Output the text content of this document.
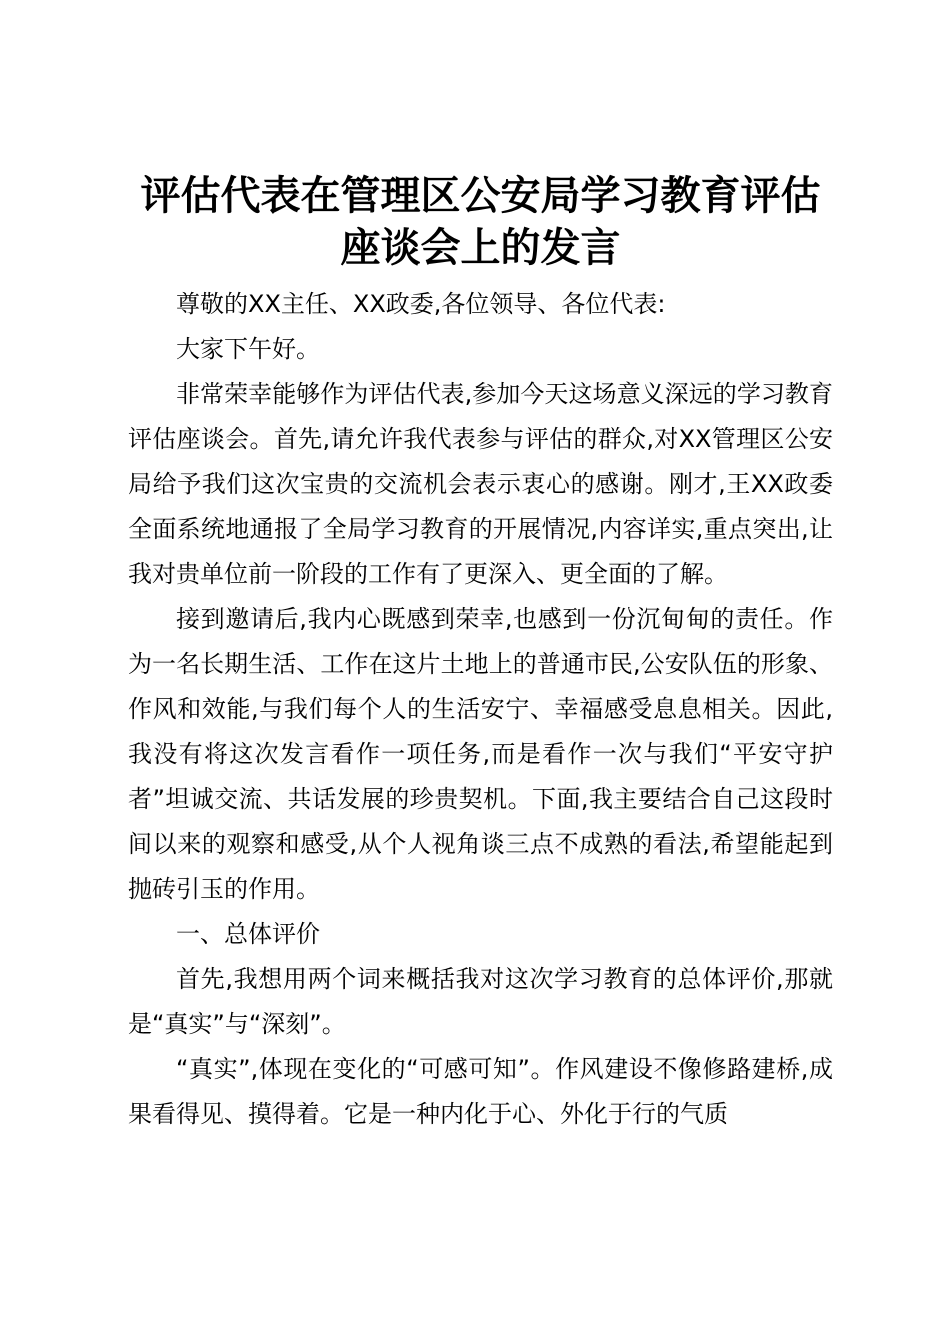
评估代表在管理区公安局学习教育评估
座谈会上的发言

尊敬的XX主任、XX政委,各位领导、各位代表:

大家下午好。

非常荣幸能够作为评估代表,参加今天这场意义深远的学习教育评估座谈会。首先,请允许我代表参与评估的群众,对XX管理区公安局给予我们这次宝贵的交流机会表示衷心的感谢。刚才,王XX政委全面系统地通报了全局学习教育的开展情况,内容详实,重点突出,让我对贵单位前一阶段的工作有了更深入、更全面的了解。

接到邀请后,我内心既感到荣幸,也感到一份沉甸甸的责任。作为一名长期生活、工作在这片土地上的普通市民,公安队伍的形象、作风和效能,与我们每个人的生活安宁、幸福感受息息相关。因此,我没有将这次发言看作一项任务,而是看作一次与我们“平安守护者”坦诚交流、共话发展的珍贵契机。下面,我主要结合自己这段时间以来的观察和感受,从个人视角谈三点不成熟的看法,希望能起到抛砖引玉的作用。

一、总体评价

首先,我想用两个词来概括我对这次学习教育的总体评价,那就是“真实”与“深刻”。

“真实”,体现在变化的“可感可知”。作风建设不像修路建桥,成果看得见、摸得着。它是一种内化于心、外化于行的气质
